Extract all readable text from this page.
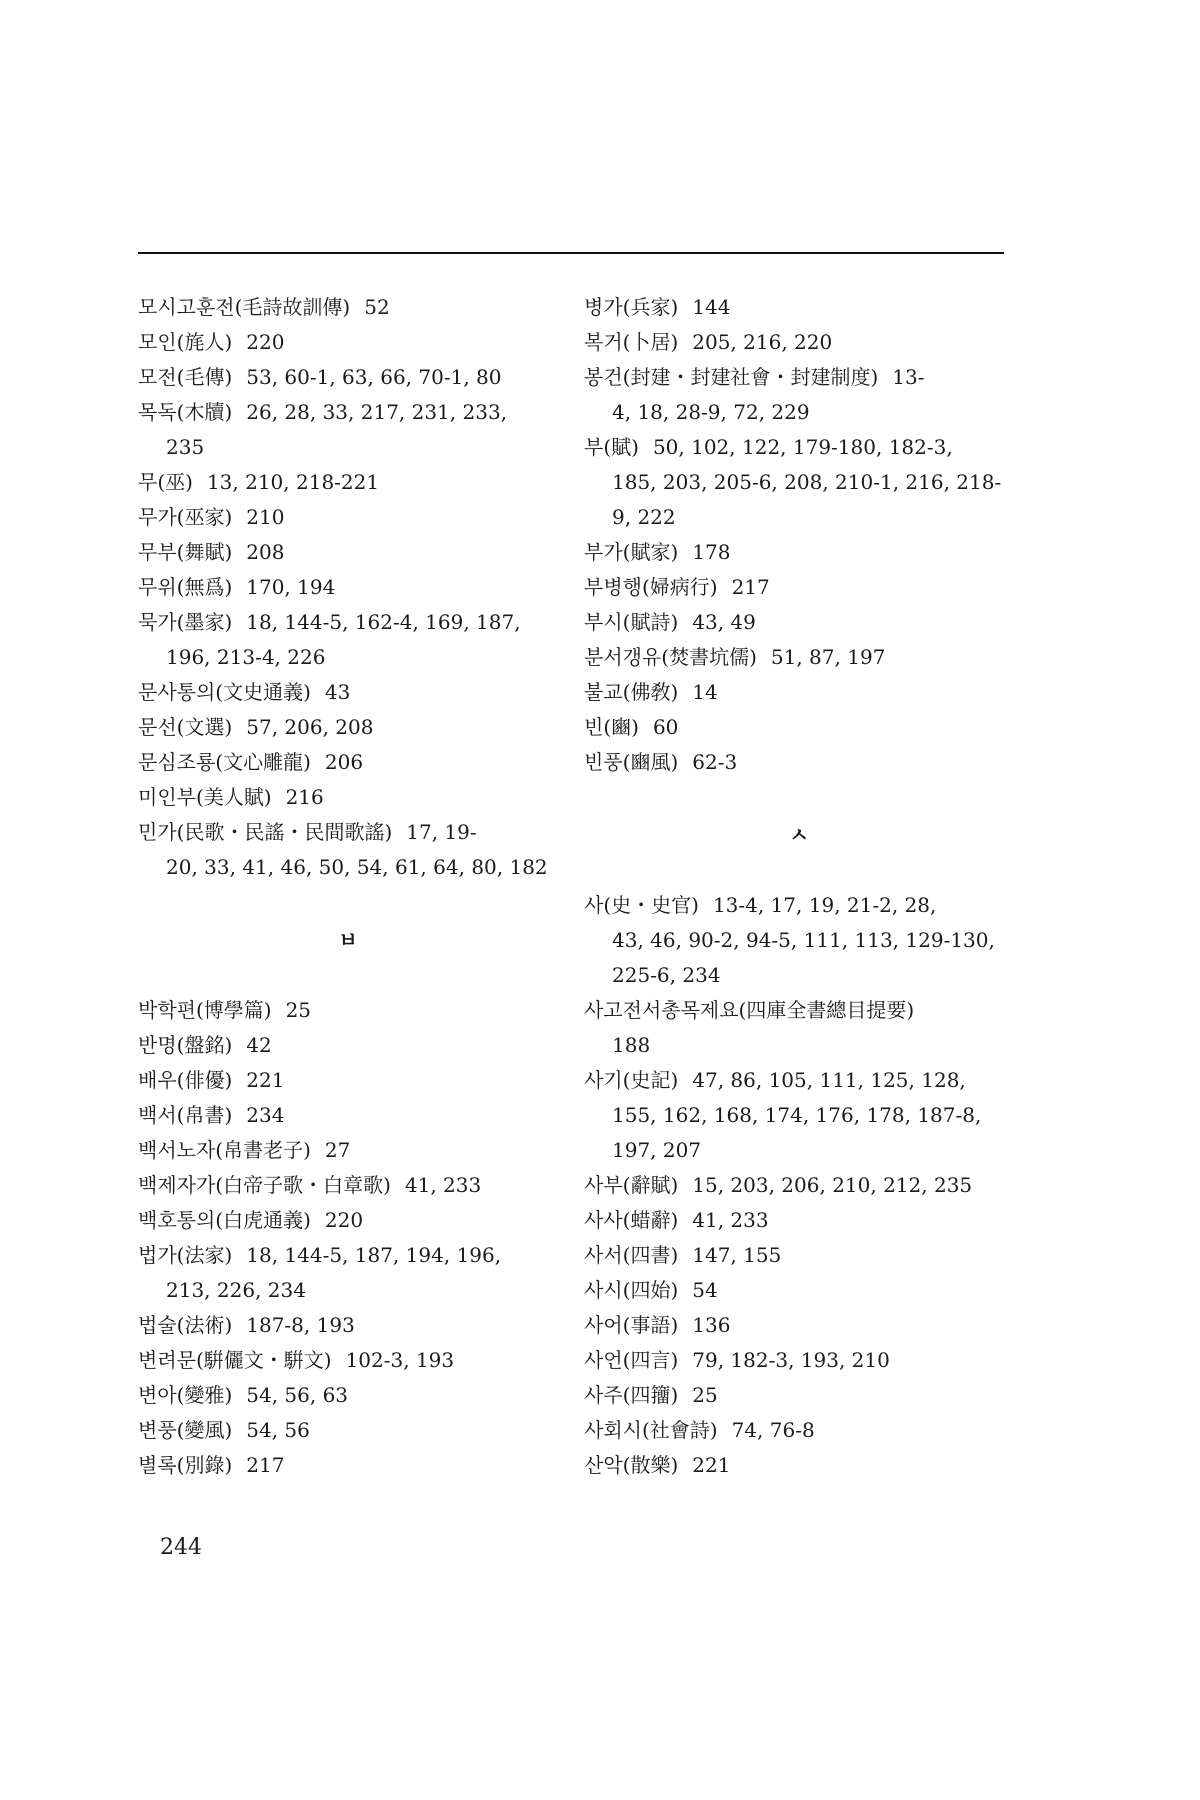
모시고훈전(毛詩故訓傳) 52
모인(旄人) 220
모전(毛傳) 53, 60-1, 63, 66, 70-1, 80
목독(木牘) 26, 28, 33, 217, 231, 233,
235
무(巫) 13, 210, 218-221
무가(巫家) 210
무부(舞賦) 208
무위(無爲) 170, 194
묵가(墨家) 18, 144-5, 162-4, 169, 187,
196, 213-4, 226
문사통의(文史通義) 43
문선(文選) 57, 206, 208
문심조룡(文心雕龍) 206
미인부(美人賦) 216
민가(民歌・民謠・民間歌謠) 17, 19-
20, 33, 41, 46, 50, 54, 61, 64, 80, 182
ㅂ
박학편(博學篇) 25
반명(盤銘) 42
배우(俳優) 221
백서(帛書) 234
백서노자(帛書老子) 27
백제자가(白帝子歌・白章歌) 41, 233
백호통의(白虎通義) 220
법가(法家) 18, 144-5, 187, 194, 196,
213, 226, 234
법술(法術) 187-8, 193
변려문(騈儷文・騈文) 102-3, 193
변아(變雅) 54, 56, 63
변풍(變風) 54, 56
별록(別錄) 217
병가(兵家) 144
복거(卜居) 205, 216, 220
봉건(封建・封建社會・封建制度) 13-
4, 18, 28-9, 72, 229
부(賦) 50, 102, 122, 179-180, 182-3,
185, 203, 205-6, 208, 210-1, 216, 218-
9, 222
부가(賦家) 178
부병행(婦病行) 217
부시(賦詩) 43, 49
분서갱유(焚書坑儒) 51, 87, 197
불교(佛敎) 14
빈(豳) 60
빈풍(豳風) 62-3
ㅅ
사(史・史官) 13-4, 17, 19, 21-2, 28,
43, 46, 90-2, 94-5, 111, 113, 129-130,
225-6, 234
사고전서총목제요(四庫全書總目提要)
188
사기(史記) 47, 86, 105, 111, 125, 128,
155, 162, 168, 174, 176, 178, 187-8,
197, 207
사부(辭賦) 15, 203, 206, 210, 212, 235
사사(蜡辭) 41, 233
사서(四書) 147, 155
사시(四始) 54
사어(事語) 136
사언(四言) 79, 182-3, 193, 210
사주(四籒) 25
사회시(社會詩) 74, 76-8
산악(散樂) 221
244
